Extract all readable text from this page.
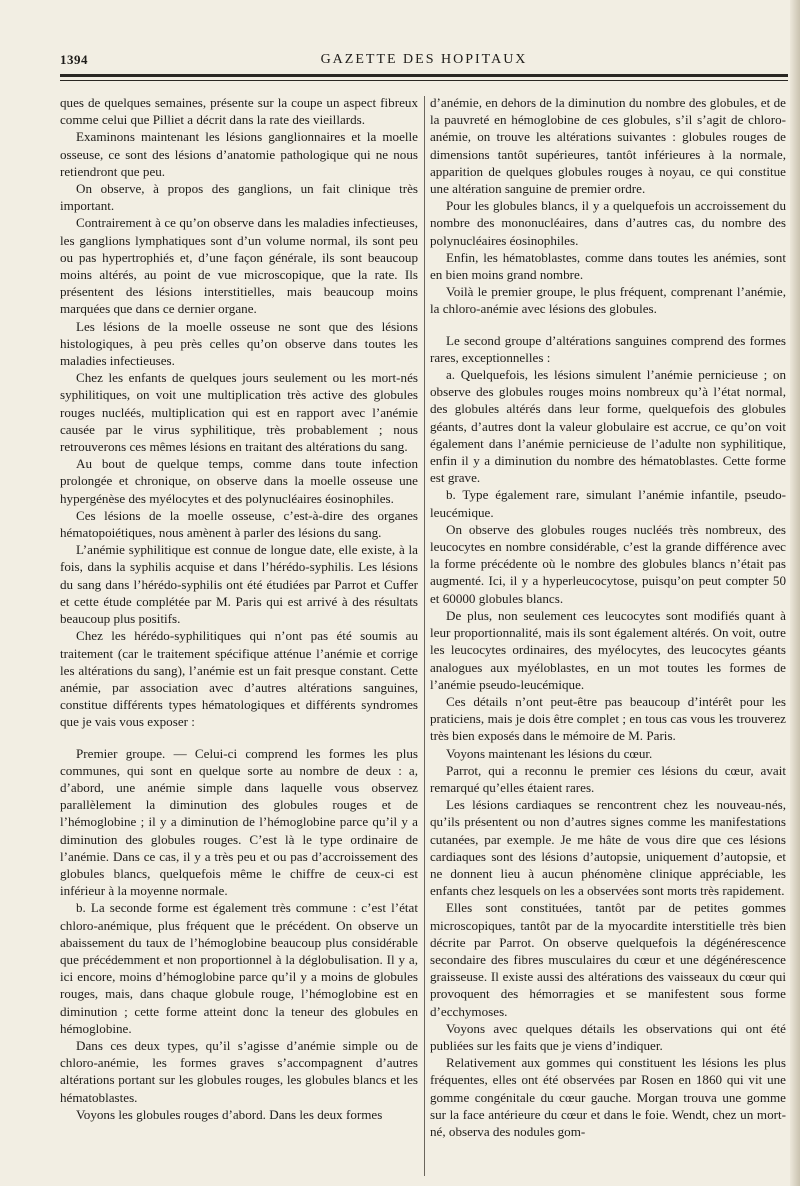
1394	GAZETTE DES HOPITAUX

ques de quelques semaines, présente sur la coupe un aspect fibreux comme celui que Pilliet a décrit dans la rate des vieillards.

Examinons maintenant les lésions ganglionnaires et la moelle osseuse, ce sont des lésions d’anatomie pathologique qui ne nous retiendront que peu.

On observe, à propos des ganglions, un fait clinique très important.

Contrairement à ce qu’on observe dans les maladies infectieuses, les ganglions lymphatiques sont d’un volume normal, ils sont peu ou pas hypertrophiés et, d’une façon générale, ils sont beaucoup moins altérés, au point de vue microscopique, que la rate. Ils présentent des lésions interstitielles, mais beaucoup moins marquées que dans ce dernier organe.

Les lésions de la moelle osseuse ne sont que des lésions histologiques, à peu près celles qu’on observe dans toutes les maladies infectieuses.

Chez les enfants de quelques jours seulement ou les mort-nés syphilitiques, on voit une multiplication très active des globules rouges nucléés, multiplication qui est en rapport avec l’anémie causée par le virus syphilitique, très probablement ; nous retrouverons ces mêmes lésions en traitant des altérations du sang.

Au bout de quelque temps, comme dans toute infection prolongée et chronique, on observe dans la moelle osseuse une hypergénèse des myélocytes et des polynucléaires éosinophiles.

Ces lésions de la moelle osseuse, c’est-à-dire des organes hématopoiétiques, nous amènent à parler des lésions du sang.

L’anémie syphilitique est connue de longue date, elle existe, à la fois, dans la syphilis acquise et dans l’hérédo-syphilis. Les lésions du sang dans l’hérédo-syphilis ont été étudiées par Parrot et Cuffer et cette étude complétée par M. Paris qui est arrivé à des résultats beaucoup plus positifs.

Chez les hérédo-syphilitiques qui n’ont pas été soumis au traitement (car le traitement spécifique atténue l’anémie et corrige les altérations du sang), l’anémie est un fait presque constant. Cette anémie, par association avec d’autres altérations sanguines, constitue différents types hématologiques et différents syndromes que je vais vous exposer :

Premier groupe. — Celui-ci comprend les formes les plus communes, qui sont en quelque sorte au nombre de deux : a, d’abord, une anémie simple dans laquelle vous observez parallèlement la diminution des globules rouges et de l’hémoglobine ; il y a diminution de l’hémoglobine parce qu’il y a diminution des globules rouges. C’est là le type ordinaire de l’anémie. Dans ce cas, il y a très peu et ou pas d’accroissement des globules blancs, quelquefois même le chiffre de ceux-ci est inférieur à la moyenne normale.

b. La seconde forme est également très commune : c’est l’état chloro-anémique, plus fréquent que le précédent. On observe un abaissement du taux de l’hémoglobine beaucoup plus considérable que précédemment et non proportionnel à la déglobulisation. Il y a, ici encore, moins d’hémoglobine parce qu’il y a moins de globules rouges, mais, dans chaque globule rouge, l’hémoglobine est en diminution ; cette forme atteint donc la teneur des globules en hémoglobine.

Dans ces deux types, qu’il s’agisse d’anémie simple ou de chloro-anémie, les formes graves s’accompagnent d’autres altérations portant sur les globules rouges, les globules blancs et les hématoblastes.

Voyons les globules rouges d’abord. Dans les deux formes

d’anémie, en dehors de la diminution du nombre des globules, et de la pauvreté en hémoglobine de ces globules, s’il s’agit de chloro-anémie, on trouve les altérations suivantes : globules rouges de dimensions tantôt supérieures, tantôt inférieures à la normale, apparition de quelques globules rouges à noyau, ce qui constitue une altération sanguine de premier ordre.

Pour les globules blancs, il y a quelquefois un accroissement du nombre des mononucléaires, dans d’autres cas, du nombre des polynucléaires éosinophiles.

Enfin, les hématoblastes, comme dans toutes les anémies, sont en bien moins grand nombre.

Voilà le premier groupe, le plus fréquent, comprenant l’anémie, la chloro-anémie avec lésions des globules.

Le second groupe d’altérations sanguines comprend des formes rares, exceptionnelles :

a. Quelquefois, les lésions simulent l’anémie pernicieuse ; on observe des globules rouges moins nombreux qu’à l’état normal, des globules altérés dans leur forme, quelquefois des globules géants, d’autres dont la valeur globulaire est accrue, ce qu’on voit également dans l’anémie pernicieuse de l’adulte non syphilitique, enfin il y a diminution du nombre des hématoblastes. Cette forme est grave.

b. Type également rare, simulant l’anémie infantile, pseudo-leucémique.

On observe des globules rouges nucléés très nombreux, des leucocytes en nombre considérable, c’est la grande différence avec la forme précédente où le nombre des globules blancs n’était pas augmenté. Ici, il y a hyperleucocytose, puisqu’on peut compter 50 et 60000 globules blancs.

De plus, non seulement ces leucocytes sont modifiés quant à leur proportionnalité, mais ils sont également altérés. On voit, outre les leucocytes ordinaires, des myélocytes, des leucocytes géants analogues aux myéloblastes, en un mot toutes les formes de l’anémie pseudo-leucémique.

Ces détails n’ont peut-être pas beaucoup d’intérêt pour les praticiens, mais je dois être complet ; en tous cas vous les trouverez très bien exposés dans le mémoire de M. Paris.

Voyons maintenant les lésions du cœur.

Parrot, qui a reconnu le premier ces lésions du cœur, avait remarqué qu’elles étaient rares.

Les lésions cardiaques se rencontrent chez les nouveau-nés, qu’ils présentent ou non d’autres signes comme les manifestations cutanées, par exemple. Je me hâte de vous dire que ces lésions cardiaques sont des lésions d’autopsie, uniquement d’autopsie, et ne donnent lieu à aucun phénomène clinique appréciable, les enfants chez lesquels on les a observées sont morts très rapidement.

Elles sont constituées, tantôt par de petites gommes microscopiques, tantôt par de la myocardite interstitielle très bien décrite par Parrot. On observe quelquefois la dégénérescence secondaire des fibres musculaires du cœur et une dégénérescence graisseuse. Il existe aussi des altérations des vaisseaux du cœur qui provoquent des hémorragies et se manifestent sous forme d’ecchymoses.

Voyons avec quelques détails les observations qui ont été publiées sur les faits que je viens d’indiquer.

Relativement aux gommes qui constituent les lésions les plus fréquentes, elles ont été observées par Rosen en 1860 qui vit une gomme congénitale du cœur gauche. Morgan trouva une gomme sur la face antérieure du cœur et dans le foie. Wendt, chez un mort-né, observa des nodules gom-
